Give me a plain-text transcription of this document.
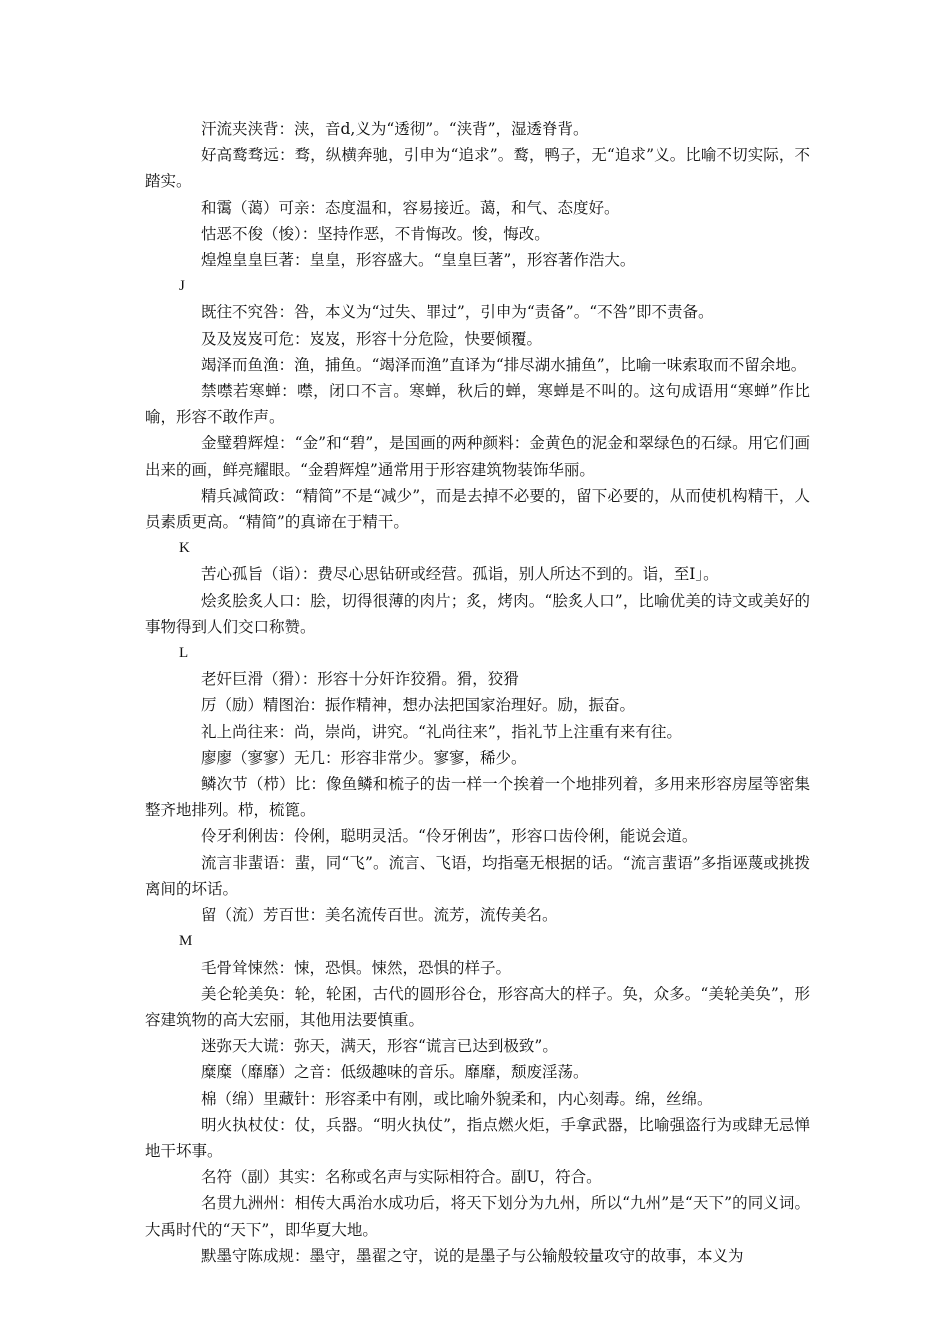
汗流夹浃背：浃，音d,义为“透彻”。“浃背”，湿透脊背。

好高鹜骛远：骛，纵横奔驰，引申为“追求”。鹜，鸭子，无“追求”义。比喻不切实际，不踏实。

和霭（蔼）可亲：态度温和，容易接近。蔼，和气、态度好。

怙恶不俊（悛）：坚持作恶，不肯悔改。悛，悔改。

煌煌皇皇巨著：皇皇，形容盛大。“皇皇巨著”，形容著作浩大。

J

既往不究咎：咎，本义为“过失、罪过”，引申为“责备”。“不咎”即不责备。

及及岌岌可危：岌岌，形容十分危险，快要倾覆。

竭泽而鱼渔：渔，捕鱼。“竭泽而渔”直译为“排尽湖水捕鱼”，比喻一味索取而不留余地。

禁噤若寒蝉：噤，闭口不言。寒蝉，秋后的蝉，寒蝉是不叫的。这句成语用“寒蝉”作比喻，形容不敢作声。

金璧碧辉煌：“金”和“碧”，是国画的两种颜料：金黄色的泥金和翠绿色的石绿。用它们画出来的画，鲜亮耀眼。“金碧辉煌”通常用于形容建筑物装饰华丽。

精兵减简政：“精简”不是“减少”，而是去掉不必要的，留下必要的，从而使机构精干，人员素质更高。“精简”的真谛在于精干。

K

苦心孤旨（诣）：费尽心思钻研或经营。孤诣，别人所达不到的。诣，至I」。

烩炙脍炙人口：脍，切得很薄的肉片；炙，烤肉。“脍炙人口”，比喻优美的诗文或美好的事物得到人们交口称赞。

L

老奸巨滑（猾）：形容十分奸诈狡猾。猾，狡猾

厉（励）精图治：振作精神，想办法把国家治理好。励，振奋。

礼上尚往来：尚，崇尚，讲究。“礼尚往来”，指礼节上注重有来有往。

廖廖（寥寥）无几：形容非常少。寥寥，稀少。

鳞次节（栉）比：像鱼鳞和梳子的齿一样一个挨着一个地排列着，多用来形容房屋等密集整齐地排列。栉，梳篦。

伶牙利俐齿：伶俐，聪明灵活。“伶牙俐齿”，形容口齿伶俐，能说会道。

流言非蜚语：蜚，同“飞”。流言、飞语，均指毫无根据的话。“流言蜚语”多指诬蔑或挑拨离间的坏话。

留（流）芳百世：美名流传百世。流芳，流传美名。

M

毛骨耸悚然：悚，恐惧。悚然，恐惧的样子。

美仑轮美奂：轮，轮囷，古代的圆形谷仓，形容高大的样子。奂，众多。“美轮美奂”，形容建筑物的高大宏丽，其他用法要慎重。

迷弥天大谎：弥天，满天，形容“谎言已达到极致”。

糜糜（靡靡）之音：低级趣味的音乐。靡靡，颓废淫荡。

棉（绵）里藏针：形容柔中有刚，或比喻外貌柔和，内心刻毒。绵，丝绵。

明火执杖仗：仗，兵器。“明火执仗”，指点燃火炬，手拿武器，比喻强盗行为或肆无忌惮地干坏事。

名符（副）其实：名称或名声与实际相符合。副U，符合。

名贯九洲州：相传大禹治水成功后，将天下划分为九州，所以“九州”是“天下”的同义词。大禹时代的“天下”，即华夏大地。

默墨守陈成规：墨守，墨翟之守，说的是墨子与公输般较量攻守的故事，本义为
